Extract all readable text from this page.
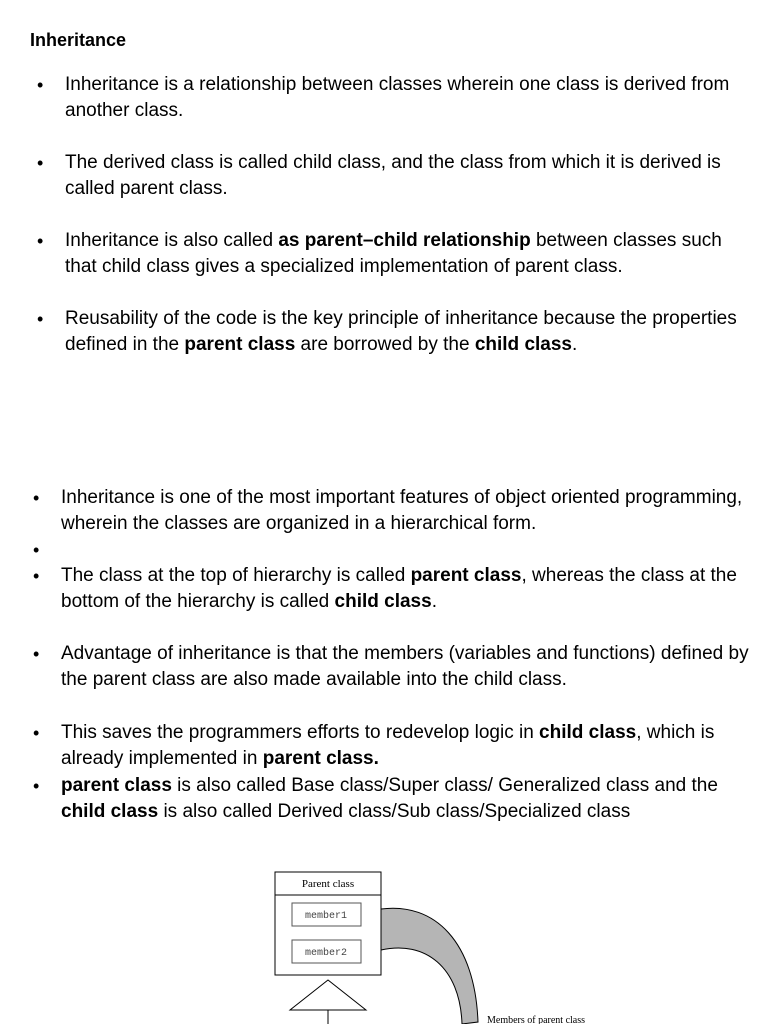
Inheritance
• Inheritance is a relationship between classes wherein one class is derived from another class.
• The derived class is called child class, and the class from which it is derived is called parent class.
• Inheritance is also called as parent–child relationship between classes such that child class gives a specialized implementation of parent class.
• Reusability of the code is the key principle of inheritance because the properties defined in the parent class are borrowed by the child class.
• Inheritance is one of the most important features of object oriented programming, wherein the classes are organized in a hierarchical form.
•
• The class at the top of hierarchy is called parent class, whereas the class at the bottom of the hierarchy is called child class.
• Advantage of inheritance is that the members (variables and functions) defined by the parent class are also made available into the child class.
• This saves the programmers efforts to redevelop logic in child class, which is already implemented in parent class.
• parent class is also called Base class/Super class/ Generalized class and the child class is also called Derived class/Sub class/Specialized class
Parent class
member1
member2
Members of parent class
